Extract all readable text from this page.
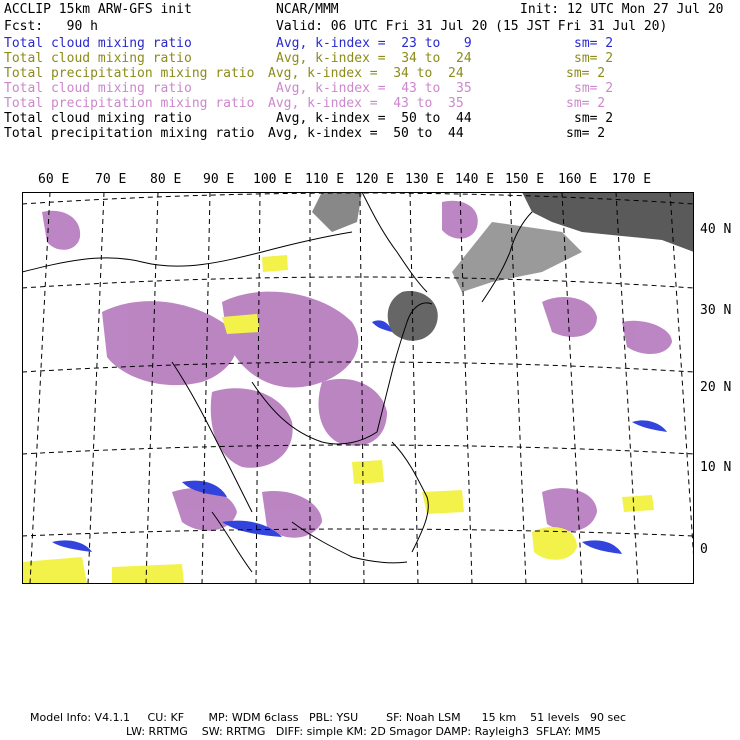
ACCLIP 15km ARW-GFS init	NCAR/MMM	Init: 12 UTC Mon 27 Jul 20
Fcst:   90 h	Valid: 06 UTC Fri 31 Jul 20 (15 JST Fri 31 Jul 20)
Total cloud mixing ratio	Avg, k-index =  23 to   9	sm= 2
Total cloud mixing ratio	Avg, k-index =  34 to  24	sm= 2
Total precipitation mixing ratio Avg, k-index =  34 to  24	sm= 2
Total cloud mixing ratio	Avg, k-index =  43 to  35	sm= 2
Total precipitation mixing ratio Avg, k-index =  43 to  35	sm= 2
Total cloud mixing ratio	Avg, k-index =  50 to  44	sm= 2
Total precipitation mixing ratio Avg, k-index =  50 to  44	sm= 2
60 E 70 E 80 E 90 E 100 E 110 E 120 E 130 E 140 E 150 E 160 E 170 E
40 N
30 N
20 N
10 N
0
Model Info: V4.1.1     CU: KF       MP: WDM 6class   PBL: YSU        SF: Noah LSM      15 km    51 levels   90 sec
LW: RRTMG    SW: RRTMG   DIFF: simple KM: 2D Smagor DAMP: Rayleigh3  SFLAY: MM5
